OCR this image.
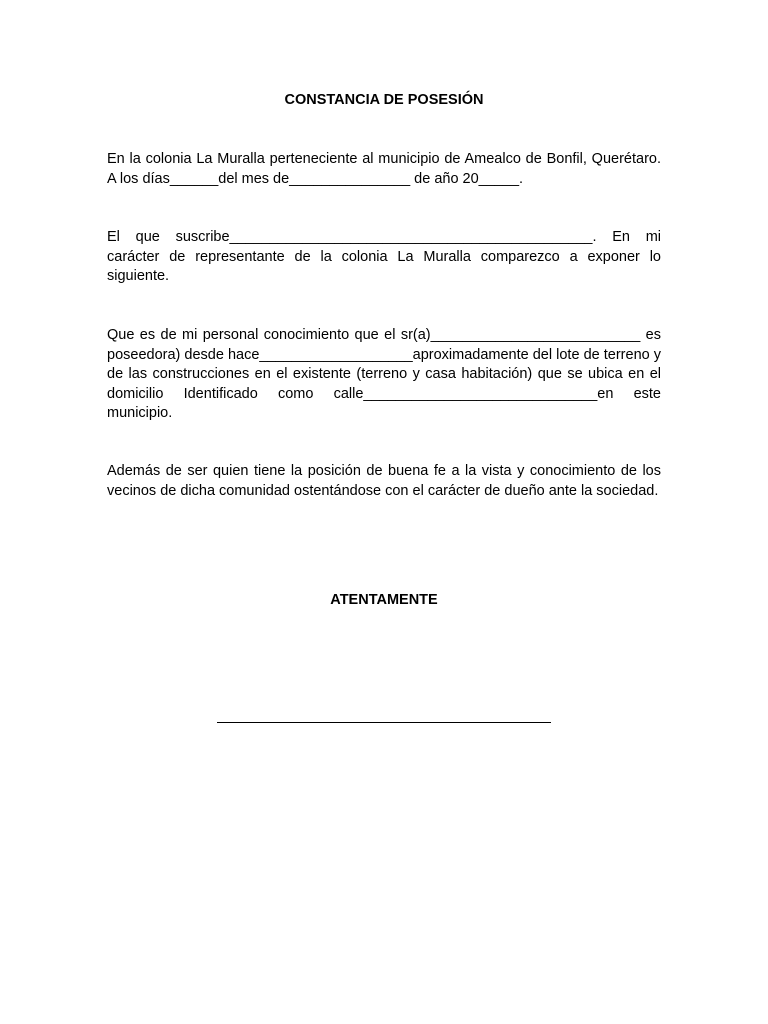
CONSTANCIA DE POSESIÓN

En la colonia La Muralla perteneciente al municipio de Amealco de Bonfil, Querétaro. A los días______del mes de_______________ de año 20_____.

El que suscribe_____________________________________________. En mi carácter de representante de la colonia La Muralla comparezco a exponer lo siguiente.

Que es de mi personal conocimiento que el sr(a)__________________________ es poseedora) desde hace___________________aproximadamente del lote de terreno y de las construcciones en el existente (terreno y casa habitación) que se ubica en el domicilio Identificado como calle_____________________________en este municipio.

Además de ser quien tiene la posición de buena fe a la vista y conocimiento de los vecinos de dicha comunidad ostentándose con el carácter de dueño ante la sociedad.

ATENTAMENTE
